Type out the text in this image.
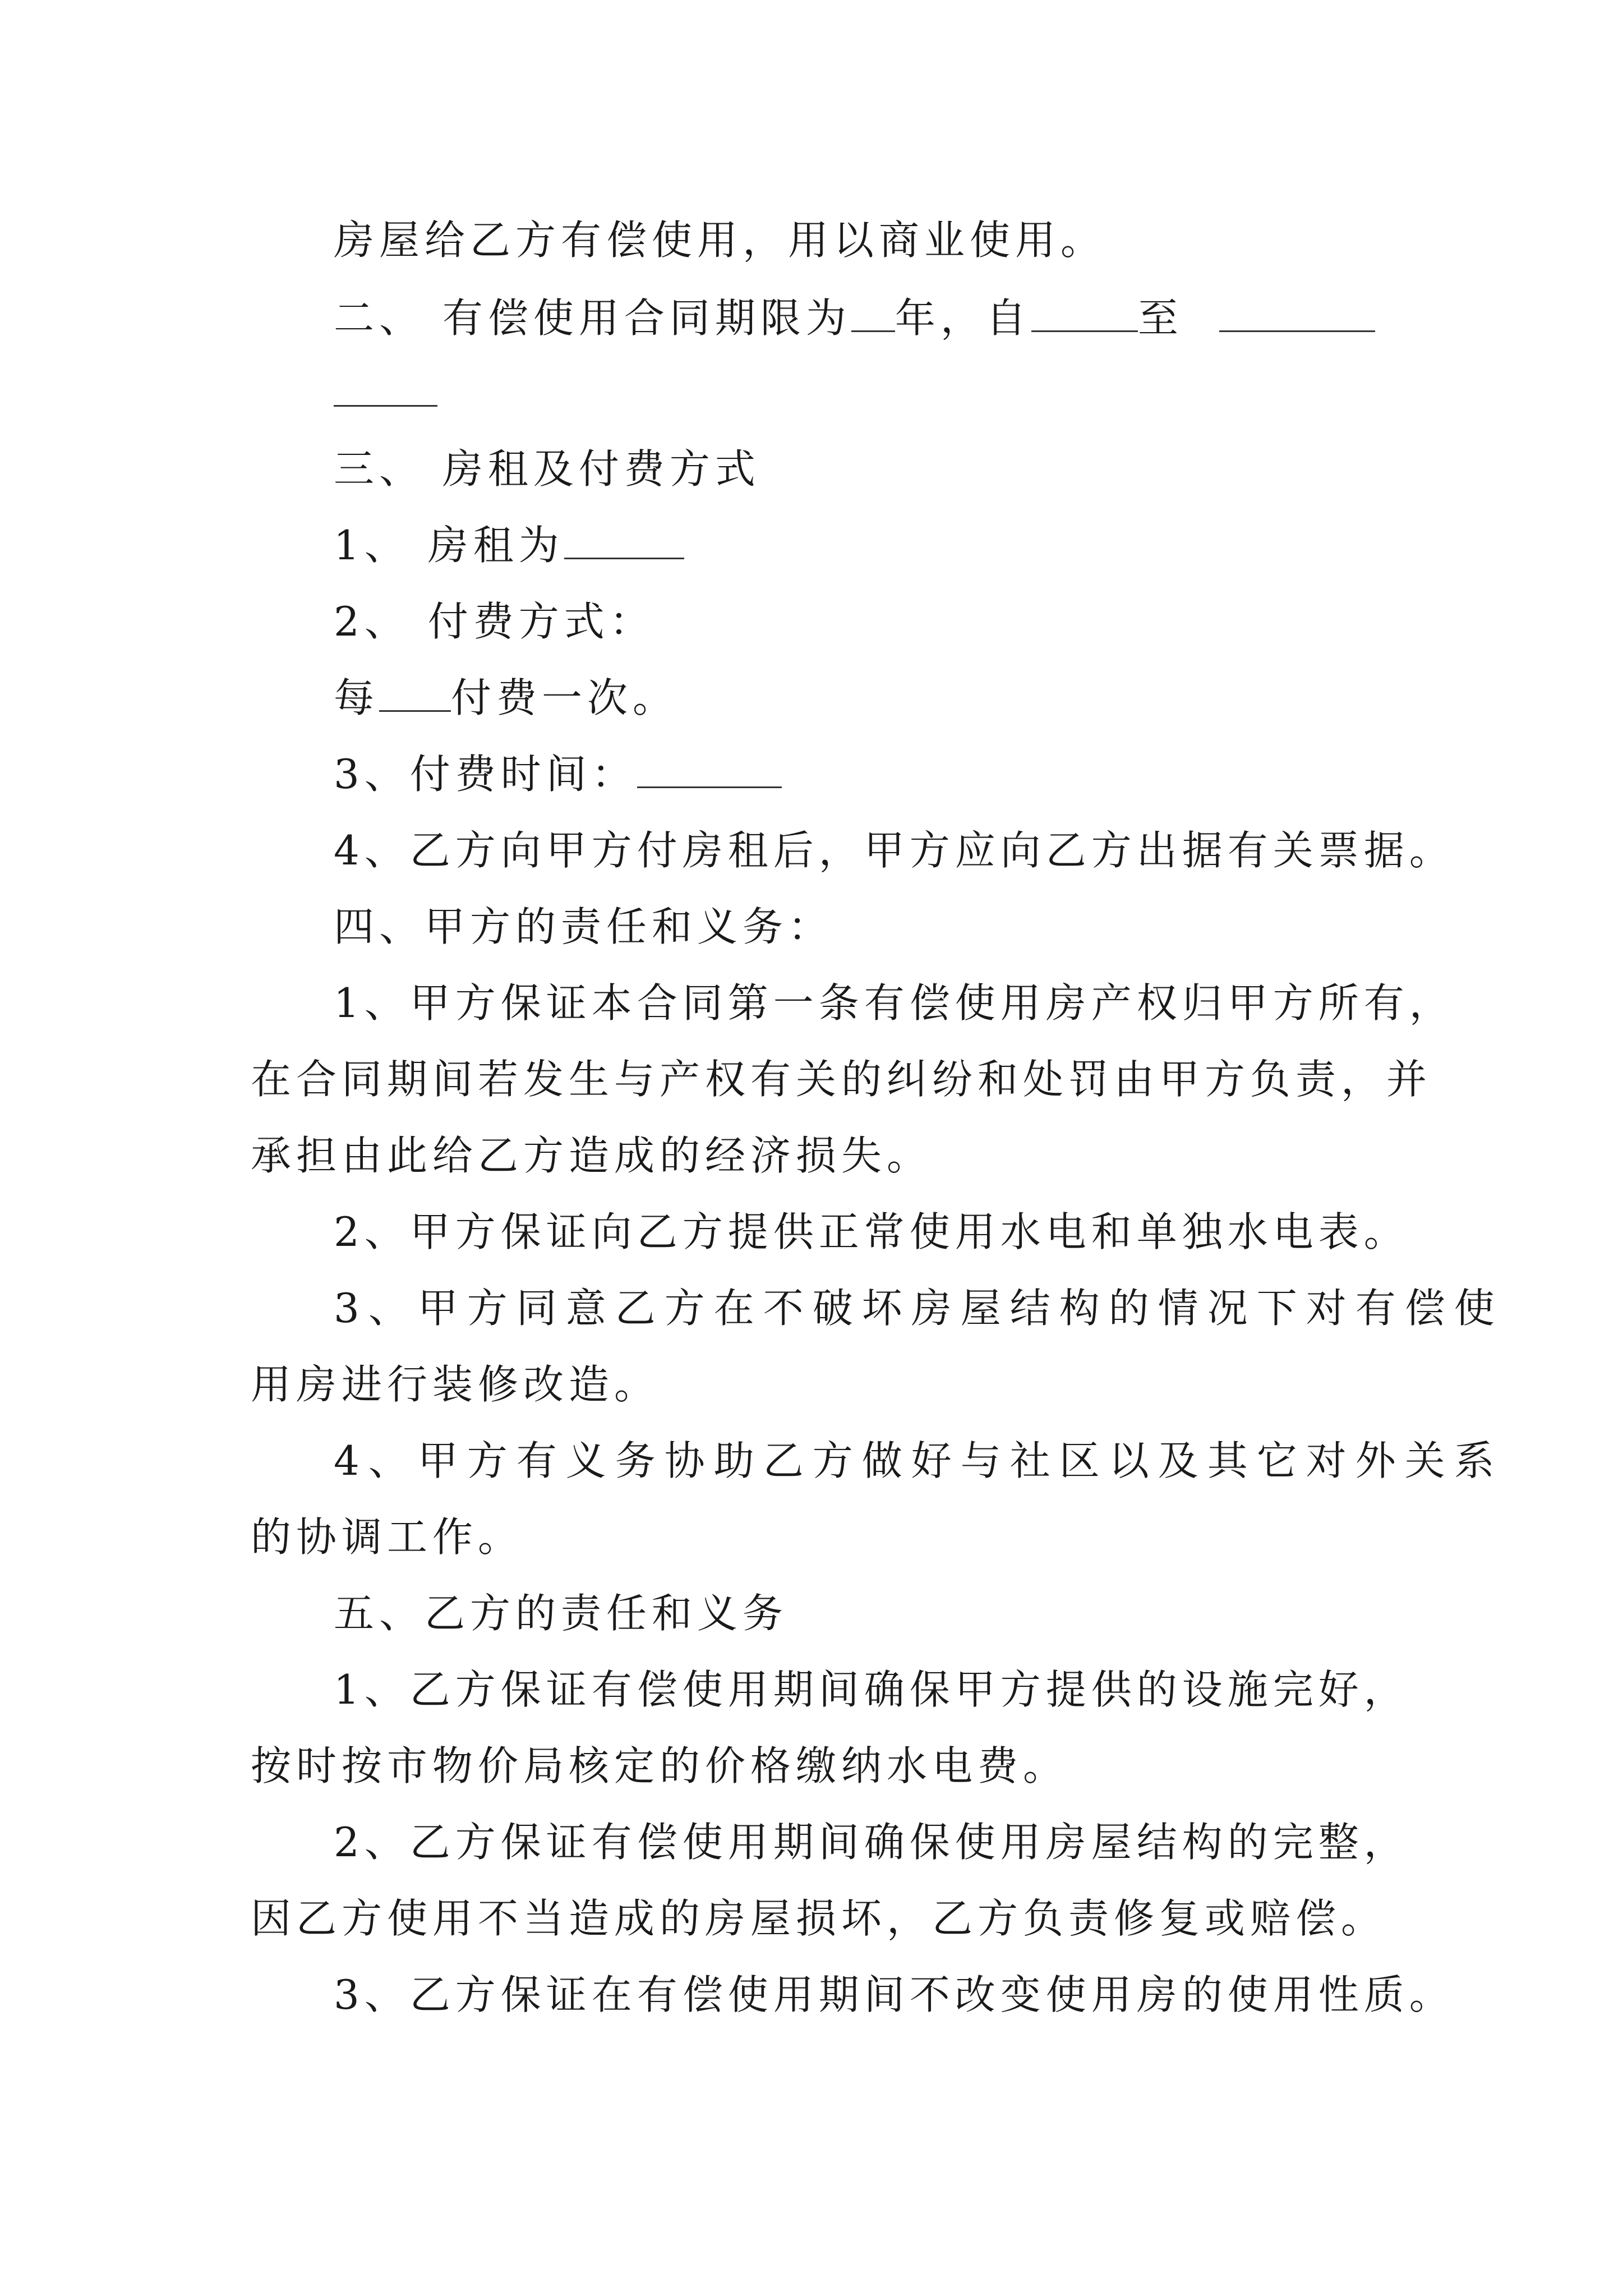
房屋给乙方有偿使用，用以商业使用。

二、 有偿使用合同期限为 年，自	至

三、 房租及付费方式

1、 房租为

2、 付费方式：

每 付费一次。

3、付费时间：

4、乙方向甲方付房租后，甲方应向乙方出据有关票据。

四、甲方的责任和义务：

1、甲方保证本合同第一条有偿使用房产权归甲方所有，

在合同期间若发生与产权有关的纠纷和处罚由甲方负责，并

承担由此给乙方造成的经济损失。

2、甲方保证向乙方提供正常使用水电和单独水电表。

3、甲方同意乙方在不破坏房屋结构的情况下对有偿使

用房进行装修改造。

4、甲方有义务协助乙方做好与社区以及其它对外关系

的协调工作。

五、乙方的责任和义务

1、乙方保证有偿使用期间确保甲方提供的设施完好，

按时按市物价局核定的价格缴纳水电费。

2、乙方保证有偿使用期间确保使用房屋结构的完整，

因乙方使用不当造成的房屋损坏，乙方负责修复或赔偿。

3、乙方保证在有偿使用期间不改变使用房的使用性质。
